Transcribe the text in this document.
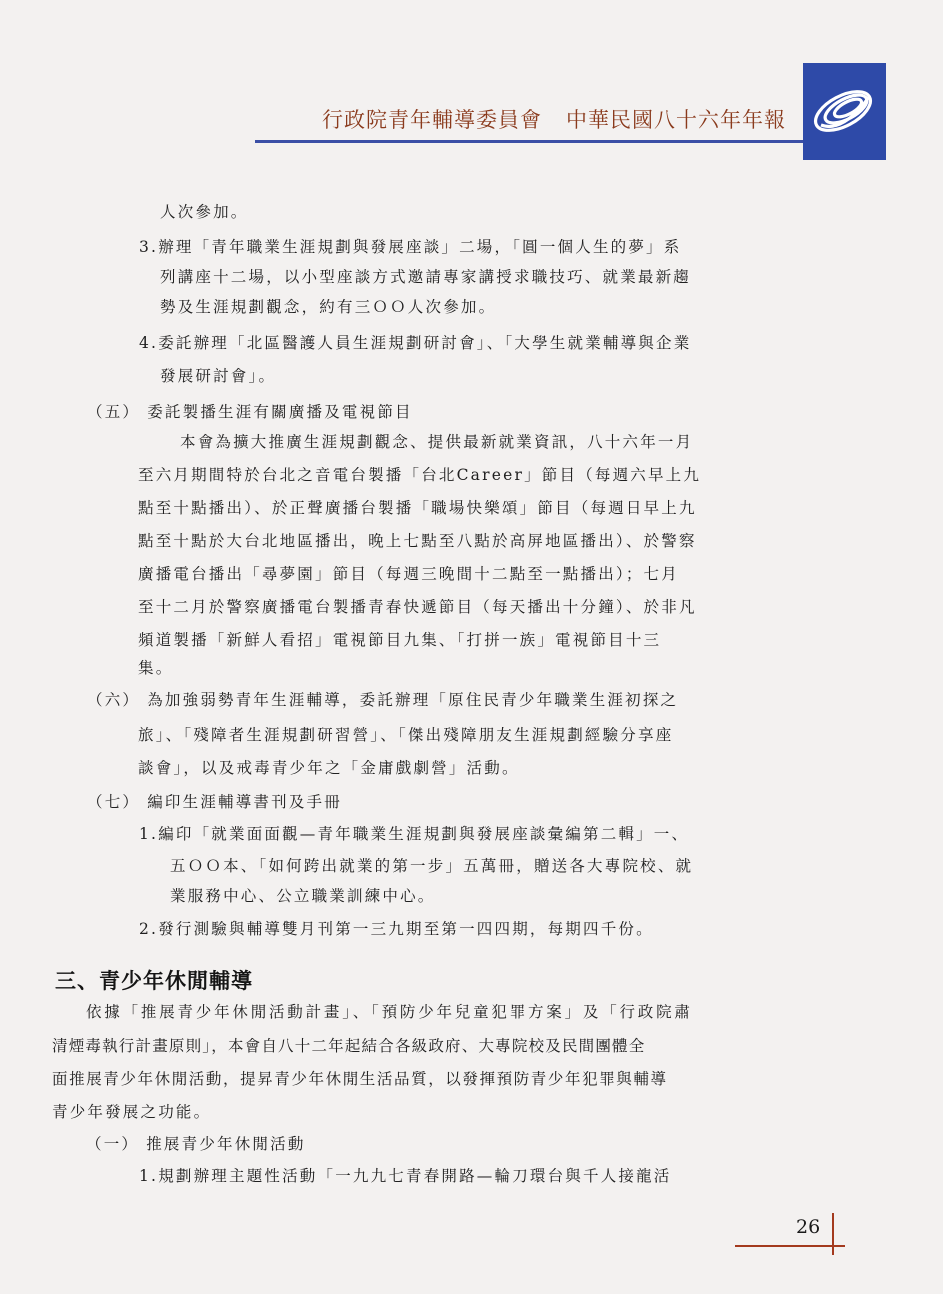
行政院青年輔導委員會 中華民國八十六年年報
人次參加。
3.辦理「青年職業生涯規劃與發展座談」二場，「圓一個人生的夢」系
列講座十二場，以小型座談方式邀請專家講授求職技巧、就業最新趨
勢及生涯規劃觀念，約有三ＯＯ人次參加。
4.委託辦理「北區醫護人員生涯規劃研討會」、「大學生就業輔導與企業
發展研討會」。
（五） 委託製播生涯有關廣播及電視節目
本會為擴大推廣生涯規劃觀念、提供最新就業資訊，八十六年一月
至六月期間特於台北之音電台製播「台北Career」節目（每週六早上九
點至十點播出）、於正聲廣播台製播「職場快樂頌」節目（每週日早上九
點至十點於大台北地區播出，晚上七點至八點於高屏地區播出）、於警察
廣播電台播出「尋夢園」節目（每週三晚間十二點至一點播出）；七月
至十二月於警察廣播電台製播青春快遞節目（每天播出十分鐘）、於非凡
頻道製播「新鮮人看招」電視節目九集、「打拼一族」電視節目十三
集。
（六） 為加強弱勢青年生涯輔導，委託辦理「原住民青少年職業生涯初探之
旅」、「殘障者生涯規劃研習營」、「傑出殘障朋友生涯規劃經驗分享座
談會」，以及戒毒青少年之「金庸戲劇營」活動。
（七） 編印生涯輔導書刊及手冊
1.編印「就業面面觀—青年職業生涯規劃與發展座談彙編第二輯」一、
五ＯＯ本、「如何跨出就業的第一步」五萬冊，贈送各大專院校、就
業服務中心、公立職業訓練中心。
2.發行測驗與輔導雙月刊第一三九期至第一四四期，每期四千份。
三、青少年休閒輔導
依據「推展青少年休閒活動計畫」、「預防少年兒童犯罪方案」及「行政院肅
清煙毒執行計畫原則」，本會自八十二年起結合各級政府、大專院校及民間團體全
面推展青少年休閒活動，提昇青少年休閒生活品質，以發揮預防青少年犯罪與輔導
青少年發展之功能。
（一） 推展青少年休閒活動
1.規劃辦理主題性活動「一九九七青春開路—輪刀環台與千人接龍活
26
